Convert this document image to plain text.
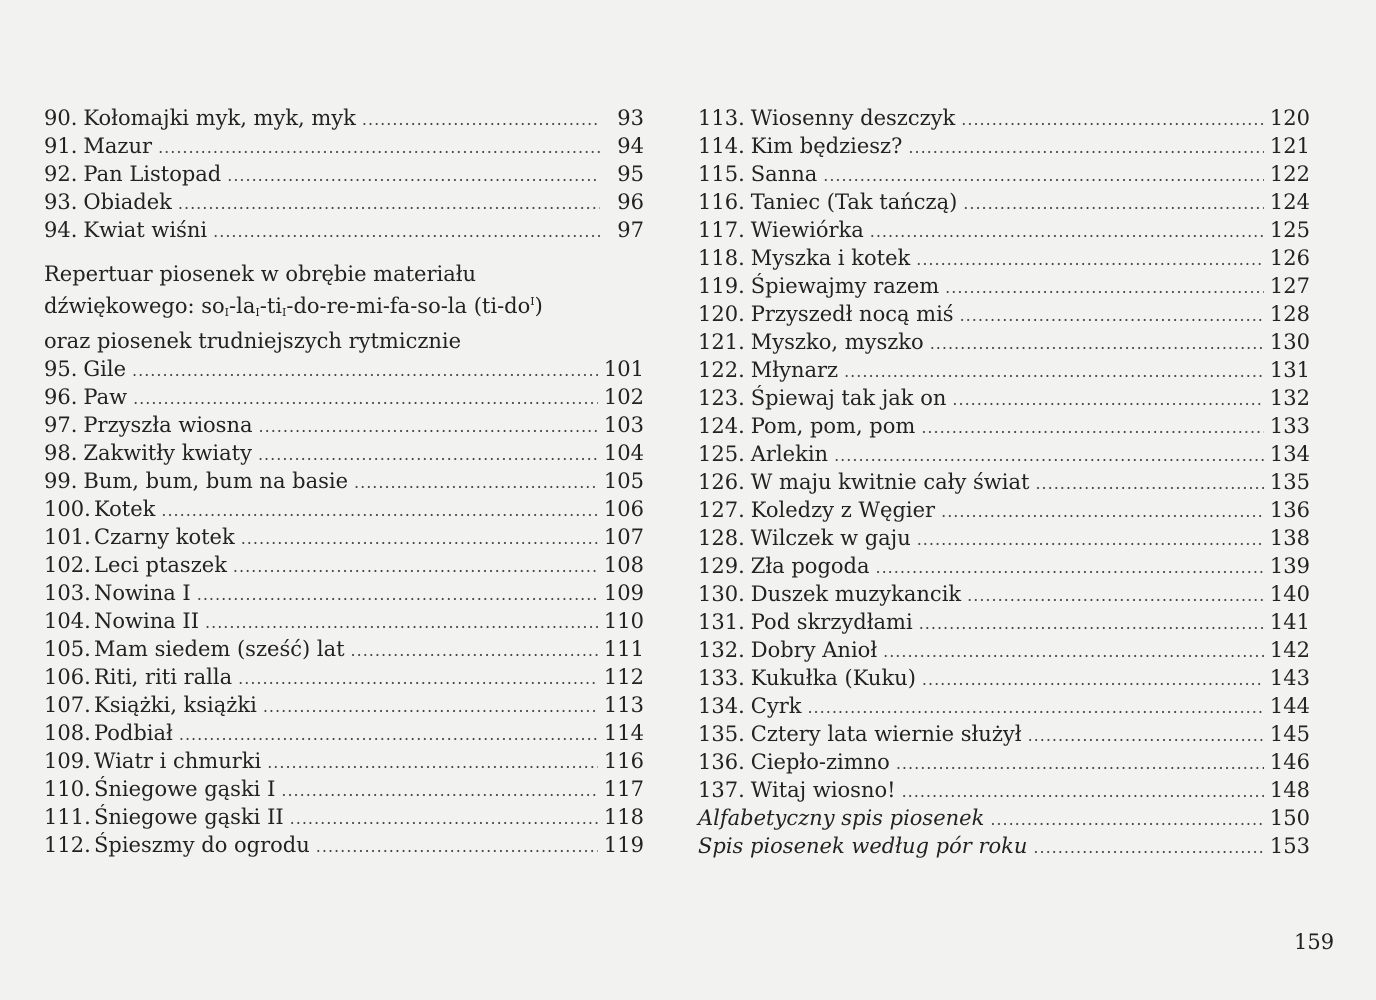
90. Kołomajki myk, myk, myk .....	93
91. Mazur .....	94
92. Pan Listopad .....	95
93. Obiadek .....	96
94. Kwiat wiśni .....	97
Repertuar piosenek w obrębie materiału
dźwiękowego: $so_I-la_I-ti_I-do-re-mi-fa-so-la$ $(ti-do^I)$
oraz piosenek trudniejszych rytmicznie
95. Gile .....	101
96. Paw .....	102
97. Przyszła wiosna .....	103
98. Zakwitły kwiaty .....	104
99. Bum, bum, bum na basie .....	105
100. Kotek .....	106
101. Czarny kotek .....	107
102. Leci ptaszek .....	108
103. Nowina I .....	109
104. Nowina II .....	110
105. Mam siedem (sześć) lat .....	111
106. Riti, riti ralla .....	112
107. Książki, książki .....	113
108. Podbiał .....	114
109. Wiatr i chmurki .....	116
110. Śniegowe gąski I .....	117
111. Śniegowe gąski II .....	118
112. Śpieszmy do ogrodu .....	119
113. Wiosenny deszczyk .....	120
114. Kim będziesz? .....	121
115. Sanna .....	122
116. Taniec (Tak tańczą) .....	124
117. Wiewiórka .....	125
118. Myszka i kotek .....	126
119. Śpiewajmy razem .....	127
120. Przyszedł nocą miś .....	128
121. Myszko, myszko .....	130
122. Młynarz .....	131
123. Śpiewaj tak jak on .....	132
124. Pom, pom, pom .....	133
125. Arlekin .....	134
126. W maju kwitnie cały świat .....	135
127. Koledzy z Węgier .....	136
128. Wilczek w gaju .....	138
129. Zła pogoda .....	139
130. Duszek muzykancik .....	140
131. Pod skrzydłami .....	141
132. Dobry Anioł .....	142
133. Kukułka (Kuku) .....	143
134. Cyrk .....	144
135. Cztery lata wiernie służył .....	145
136. Ciepło-zimno .....	146
137. Witaj wiosno! .....	148
Alfabetyczny spis piosenek .....	150
Spis piosenek według pór roku .....	153
159
